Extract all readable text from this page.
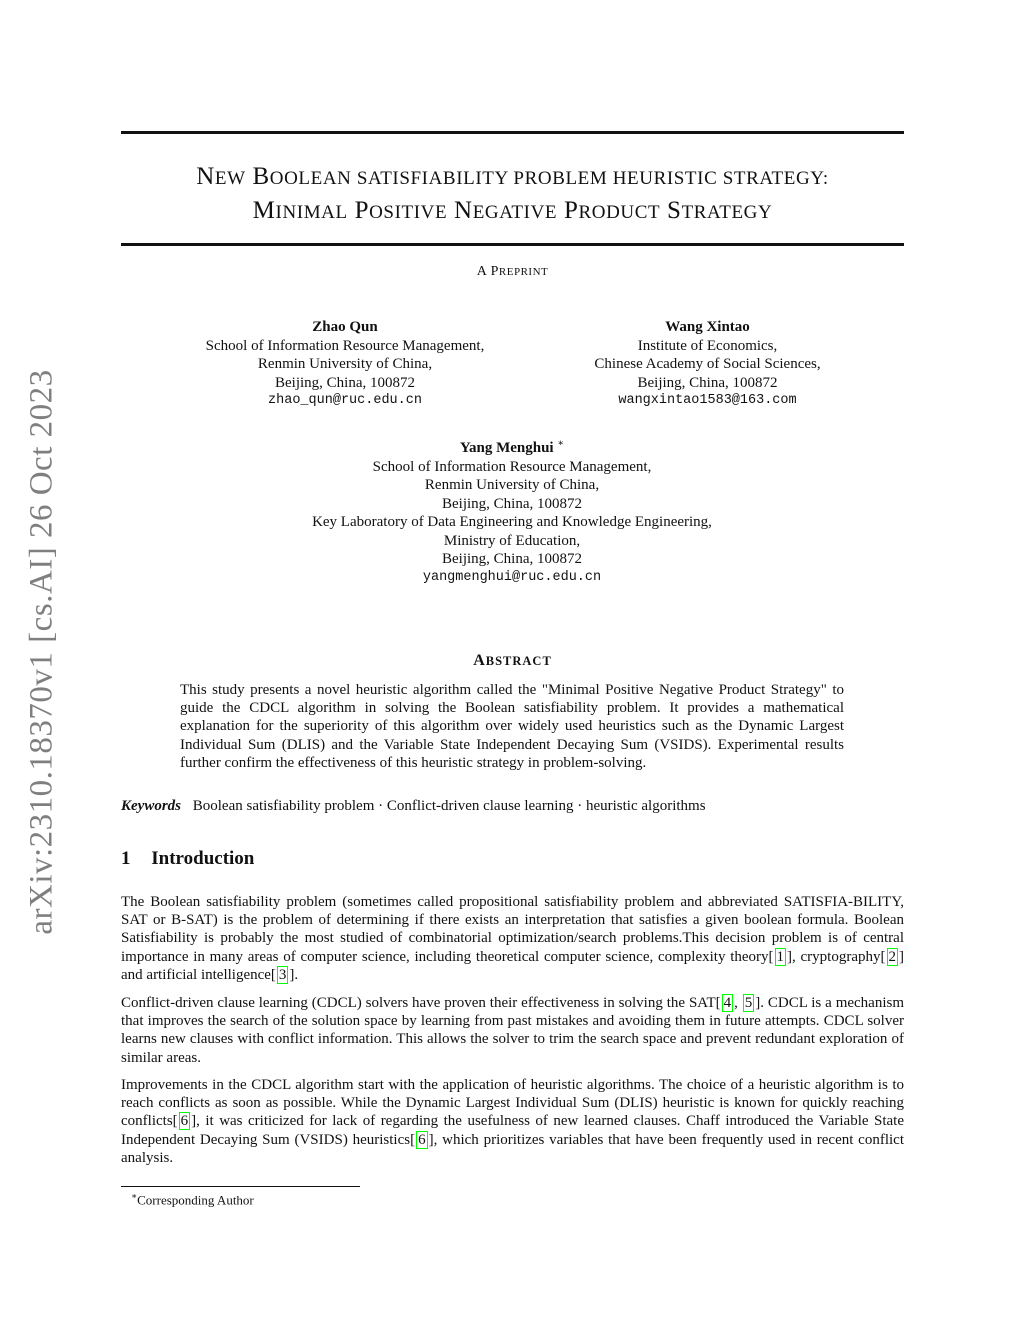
arXiv:2310.18370v1 [cs.AI] 26 Oct 2023
NEW BOOLEAN SATISFIABILITY PROBLEM HEURISTIC STRATEGY:
MINIMAL POSITIVE NEGATIVE PRODUCT STRATEGY
A PREPRINT
Zhao Qun
School of Information Resource Management,
Renmin University of China,
Beijing, China, 100872
zhao_qun@ruc.edu.cn
Wang Xintao
Institute of Economics,
Chinese Academy of Social Sciences,
Beijing, China, 100872
wangxintao1583@163.com
Yang Menghui ∗
School of Information Resource Management,
Renmin University of China,
Beijing, China, 100872
Key Laboratory of Data Engineering and Knowledge Engineering,
Ministry of Education,
Beijing, China, 100872
yangmenghui@ruc.edu.cn
ABSTRACT
This study presents a novel heuristic algorithm called the "Minimal Positive Negative Product Strategy" to guide the CDCL algorithm in solving the Boolean satisfiability problem. It provides a mathematical explanation for the superiority of this algorithm over widely used heuristics such as the Dynamic Largest Individual Sum (DLIS) and the Variable State Independent Decaying Sum (VSIDS). Experimental results further confirm the effectiveness of this heuristic strategy in problem-solving.
Keywords Boolean satisfiability problem · Conflict-driven clause learning · heuristic algorithms
1 Introduction

The Boolean satisfiability problem (sometimes called propositional satisfiability problem and abbreviated SATISFIA-BILITY, SAT or B-SAT) is the problem of determining if there exists an interpretation that satisfies a given boolean formula. Boolean Satisfiability is probably the most studied of combinatorial optimization/search problems.This decision problem is of central importance in many areas of computer science, including theoretical computer science, complexity theory[ 1 ], cryptography[ 2 ] and artificial intelligence[ 3 ].

Conflict-driven clause learning (CDCL) solvers have proven their effectiveness in solving the SAT[ 4 , 5 ]. CDCL is a mechanism that improves the search of the solution space by learning from past mistakes and avoiding them in future attempts. CDCL solver learns new clauses with conflict information. This allows the solver to trim the search space and prevent redundant exploration of similar areas.

Improvements in the CDCL algorithm start with the application of heuristic algorithms. The choice of a heuristic algorithm is to reach conflicts as soon as possible. While the Dynamic Largest Individual Sum (DLIS) heuristic is known for quickly reaching conflicts[ 6 ], it was criticized for lack of regarding the usefulness of new learned clauses. Chaff introduced the Variable State Independent Decaying Sum (VSIDS) heuristics[ 6 ], which prioritizes variables that have been frequently used in recent conflict analysis.

∗Corresponding Author
